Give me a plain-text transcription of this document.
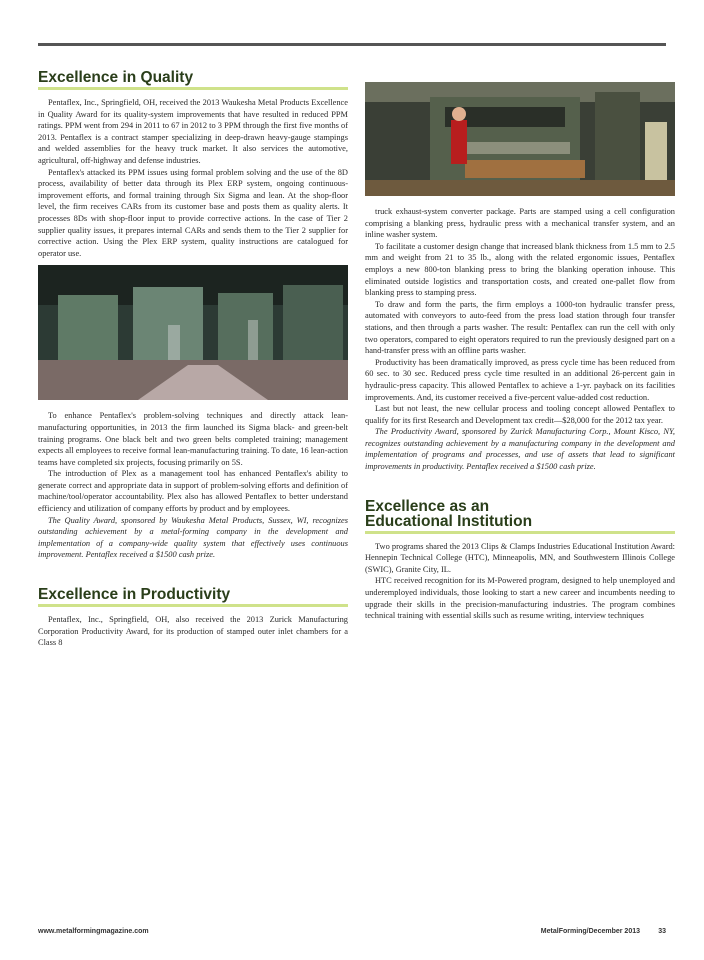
Excellence in Quality

Pentaflex, Inc., Springfield, OH, received the 2013 Waukesha Metal Products Excellence in Quality Award for its quality-system improvements that have resulted in reduced PPM ratings. PPM went from 294 in 2011 to 67 in 2012 to 3 PPM through the first five months of 2013. Pentaflex is a contract stamper specializing in deep-drawn heavy-gauge stampings and welded assemblies for the heavy truck market. It also services the automotive, agricultural, off-highway and defense industries.

Pentaflex's attacked its PPM issues using formal problem solving and the use of the 8D process, availability of better data through its Plex ERP system, ongoing continuous-improvement efforts, and formal training through Six Sigma and lean. At the shop-floor level, the firm receives CARs from its customer base and posts them as quality alerts. It processes 8Ds with shop-floor input to provide corrective actions. In the case of Tier 2 supplier quality issues, it prepares internal CARs and sends them to the Tier 2 supplier for corrective action. Using the Plex ERP system, quality instructions are catalogued for operator use.

To enhance Pentaflex's problem-solving techniques and directly attack lean-manufacturing opportunities, in 2013 the firm launched its Sigma black- and green-belt training programs. One black belt and two green belts completed training; management expects all employees to receive formal lean-manufacturing training. To date, 16 lean-action teams have completed six projects, focusing primarily on 5S.

The introduction of Plex as a management tool has enhanced Pentaflex's ability to generate correct and appropriate data in support of problem-solving efforts and definition of machine/tool/operator accountability. Plex also has allowed Pentaflex to better understand efficiency and utilization of company efforts by product and by employees.

The Quality Award, sponsored by Waukesha Metal Products, Sussex, WI, recognizes outstanding achievement by a metal-forming company in the development and implementation of a company-wide quality system that effectively uses continuous improvement. Pentaflex received a $1500 cash prize.

Excellence in Productivity

Pentaflex, Inc., Springfield, OH, also received the 2013 Zurick Manufacturing Corporation Productivity Award, for its production of stamped outer inlet chambers for a Class 8

truck exhaust-system converter package. Parts are stamped using a cell configuration comprising a blanking press, hydraulic press with a mechanical transfer system, and an inline washer system.

To facilitate a customer design change that increased blank thickness from 1.5 mm to 2.5 mm and weight from 21 to 35 lb., along with the related ergonomic issues, Pentaflex employs a new 800-ton blanking press to bring the blanking operation inhouse. This eliminated outside logistics and transportation costs, and created one-pallet flow from blanking press to stamping press.

To draw and form the parts, the firm employs a 1000-ton hydraulic transfer press, automated with conveyors to auto-feed from the press load station through four transfer stations, and then through a parts washer. The result: Pentaflex can run the cell with only two operators, compared to eight operators required to run the previously designed part on a hand-transfer press with an offline parts washer.

Productivity has been dramatically improved, as press cycle time has been reduced from 60 sec. to 30 sec. Reduced press cycle time resulted in an additional 26-percent gain in hydraulic-press capacity. This allowed Pentaflex to achieve a 1-yr. payback on its facilities improvements. And, its customer received a five-percent value-added cost reduction.

Last but not least, the new cellular process and tooling concept allowed Pentaflex to qualify for its first Research and Development tax credit—$28,000 for the 2012 tax year.

The Productivity Award, sponsored by Zurick Manufacturing Corp., Mount Kisco, NY, recognizes outstanding achievement by a manufacturing company in the development and implementation of programs and processes, and use of assets that lead to significant improvements in productivity. Pentaflex received a $1500 cash prize.

Excellence as an
Educational Institution

Two programs shared the 2013 Clips & Clamps Industries Educational Institution Award: Hennepin Technical College (HTC), Minneapolis, MN, and Southwestern Illinois College (SWIC), Granite City, IL.

HTC received recognition for its M-Powered program, designed to help unemployed and underemployed individuals, those looking to start a new career and incumbents needing to upgrade their skills in the precision-manufacturing industries. The program combines technical training with essential skills such as resume writing, interview techniques

www.metalformingmagazine.com	MetalForming/December 2013	33
